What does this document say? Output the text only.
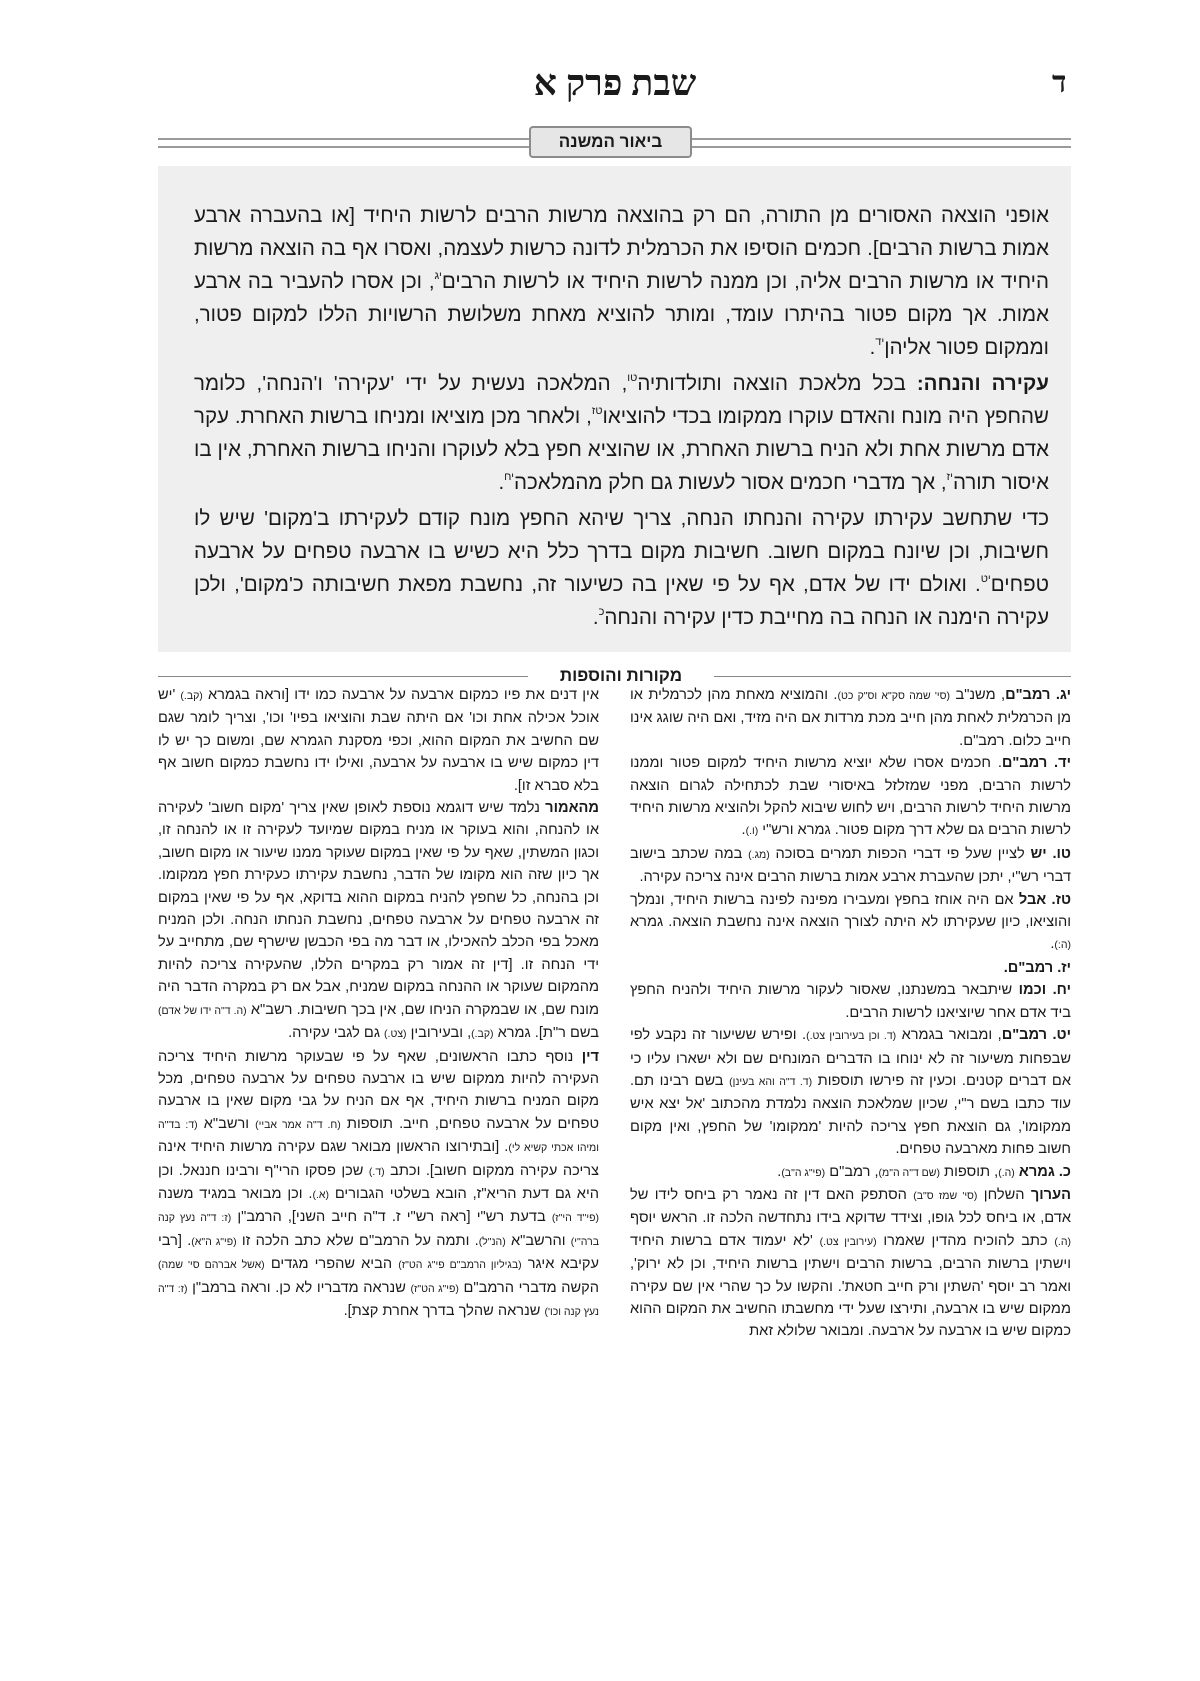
ד
שבת פרק א
ביאור המשנה

אופני הוצאה האסורים מן התורה, הם רק בהוצאה מרשות הרבים לרשות היחיד [או בהעברה ארבע אמות ברשות הרבים]. חכמים הוסיפו את הכרמלית לדונה כרשות לעצמה, ואסרו אף בה הוצאה מרשות היחיד או מרשות הרבים אליה, וכן ממנה לרשות היחיד או לרשות הרבים$^{יג}$, וכן אסרו להעביר בה ארבע אמות. אך מקום פטור בהיתרו עומד, ומותר להוציא מאחת משלושת הרשויות הללו למקום פטור, וממקום פטור אליהן$^{יד}$.

עקירה והנחה: בכל מלאכת הוצאה ותולדותיה$^{טו}$, המלאכה נעשית על ידי 'עקירה' ו'הנחה', כלומר שהחפץ היה מונח והאדם עוקרו ממקומו בכדי להוציאו$^{טז}$, ולאחר מכן מוציאו ומניחו ברשות האחרת. עקר אדם מרשות אחת ולא הניח ברשות האחרת, או שהוציא חפץ בלא לעוקרו והניחו ברשות האחרת, אין בו איסור תורה$^{יז}$, אך מדברי חכמים אסור לעשות גם חלק מהמלאכה$^{יח}$.

כדי שתחשב עקירתו עקירה והנחתו הנחה, צריך שיהא החפץ מונח קודם לעקירתו ב'מקום' שיש לו חשיבות, וכן שיונח במקום חשוב. חשיבות מקום בדרך כלל היא כשיש בו ארבעה טפחים על ארבעה טפחים$^{יט}$. ואולם ידו של אדם, אף על פי שאין בה כשיעור זה, נחשבת מפאת חשיבותה כ'מקום', ולכן עקירה הימנה או הנחה בה מחייבת כדין עקירה והנחה$^כ$.

מקורות והוספות

יג. רמב"ם, משנ"ב (סי' שמה סק"א וס"ק כט). והמוציא מאחת מהן לכרמלית או מן הכרמלית לאחת מהן חייב מכת מרדות אם היה מזיד, ואם היה שוגג אינו חייב כלום. רמב"ם.

יד. רמב"ם. חכמים אסרו שלא יוציא מרשות היחיד למקום פטור וממנו לרשות הרבים, מפני שמזלזל באיסורי שבת לכתחילה לגרום הוצאה מרשות היחיד לרשות הרבים, ויש לחוש שיבוא להקל ולהוציא מרשות היחיד לרשות הרבים גם שלא דרך מקום פטור. גמרא ורש"י (ו.).

טו. יש לציין שעל פי דברי הכפות תמרים בסוכה (מג.) במה שכתב בישוב דברי רש"י, יתכן שהעברת ארבע אמות ברשות הרבים אינה צריכה עקירה.

טז. אבל אם היה אוחז בחפץ ומעבירו מפינה לפינה ברשות היחיד, ונמלך והוציאו, כיון שעקירתו לא היתה לצורך הוצאה אינה נחשבת הוצאה. גמרא (ה:).

יז. רמב"ם.

יח. וכמו שיתבאר במשנתנו, שאסור לעקור מרשות היחיד ולהניח החפץ ביד אדם אחר שיוציאנו לרשות הרבים.

יט. רמב"ם, ומבואר בגמרא (ד. וכן בעירובין צט.). ופירש ששיעור זה נקבע לפי שבפחות משיעור זה לא ינוחו בו הדברים המונחים שם ולא ישארו עליו כי אם דברים קטנים. וכעין זה פירשו תוספות (ד. ד"ה והא בעינן) בשם רבינו תם. עוד כתבו בשם ר"י, שכיון שמלאכת הוצאה נלמדת מהכתוב 'אל יצא איש ממקומו', גם הוצאת חפץ צריכה להיות 'ממקומו' של החפץ, ואין מקום חשוב פחות מארבעה טפחים.

כ. גמרא (ה.), תוספות (שם ד"ה ה"מ), רמב"ם (פי"ג ה"ב).

הערוך השלחן (סי' שמז ס"ב) הסתפק האם דין זה נאמר רק ביחס לידו של אדם, או ביחס לכל גופו, וצידד שדוקא בידו נתחדשה הלכה זו. הראש יוסף (ה.) כתב להוכיח מהדין שאמרו (עירובין צט.) 'לא יעמוד אדם ברשות היחיד וישתין ברשות הרבים, ברשות הרבים וישתין ברשות היחיד, וכן לא ירוק', ואמר רב יוסף 'השתין ורק חייב חטאת'. והקשו על כך שהרי אין שם עקירה ממקום שיש בו ארבעה, ותירצו שעל ידי מחשבתו החשיב את המקום ההוא כמקום שיש בו ארבעה על ארבעה. ומבואר שלולא זאת

אין דנים את פיו כמקום ארבעה על ארבעה כמו ידו [וראה בגמרא (קב.) 'יש אוכל אכילה אחת וכו' אם היתה שבת והוציאו בפיו' וכו', וצריך לומר שגם שם החשיב את המקום ההוא, וכפי מסקנת הגמרא שם, ומשום כך יש לו דין כמקום שיש בו ארבעה על ארבעה, ואילו ידו נחשבת כמקום חשוב אף בלא סברא זו].

מהאמור נלמד שיש דוגמא נוספת לאופן שאין צריך 'מקום חשוב' לעקירה או להנחה, והוא בעוקר או מניח במקום שמיועד לעקירה זו או להנחה זו, וכגון המשתין, שאף על פי שאין במקום שעוקר ממנו שיעור או מקום חשוב, אך כיון שזה הוא מקומו של הדבר, נחשבת עקירתו כעקירת חפץ ממקומו. וכן בהנחה, כל שחפץ להניח במקום ההוא בדוקא, אף על פי שאין במקום זה ארבעה טפחים על ארבעה טפחים, נחשבת הנחתו הנחה. ולכן המניח מאכל בפי הכלב להאכילו, או דבר מה בפי הכבשן שישרף שם, מתחייב על ידי הנחה זו. [דין זה אמור רק במקרים הללו, שהעקירה צריכה להיות מהמקום שעוקר או ההנחה במקום שמניח, אבל אם רק במקרה הדבר היה מונח שם, או שבמקרה הניחו שם, אין בכך חשיבות. רשב"א (ה. ד"ה ידו של אדם) בשם ר"ת]. גמרא (קב.), ובעירובין (צט.) גם לגבי עקירה.

דין נוסף כתבו הראשונים, שאף על פי שבעוקר מרשות היחיד צריכה העקירה להיות ממקום שיש בו ארבעה טפחים על ארבעה טפחים, מכל מקום המניח ברשות היחיד, אף אם הניח על גבי מקום שאין בו ארבעה טפחים על ארבעה טפחים, חייב. תוספות (ח. ד"ה אמר אביי) ורשב"א (ד: בד"ה ומיהו אכתי קשיא לי). [ובתירוצו הראשון מבואר שגם עקירה מרשות היחיד אינה צריכה עקירה ממקום חשוב]. וכתב (ד.) שכן פסקו הרי"ף ורבינו חננאל. וכן היא גם דעת הריא"ז, הובא בשלטי הגבורים (א.). וכן מבואר במגיד משנה (פי"ד הי"ז) בדעת רש"י [ראה רש"י ז. ד"ה חייב השני], הרמב"ן (ז: ד"ה נעץ קנה ברה"י) והרשב"א (הנ"ל). ותמה על הרמב"ם שלא כתב הלכה זו (פי"ג ה"א). [רבי עקיבא איגר (בגיליון הרמב"ם פי"ג הט"ז) הביא שהפרי מגדים (אשל אברהם סי' שמה) הקשה מדברי הרמב"ם (פי"ג הט"ז) שנראה מדבריו לא כן. וראה ברמב"ן (ז: ד"ה נעץ קנה וכו') שנראה שהלך בדרך אחרת קצת].
